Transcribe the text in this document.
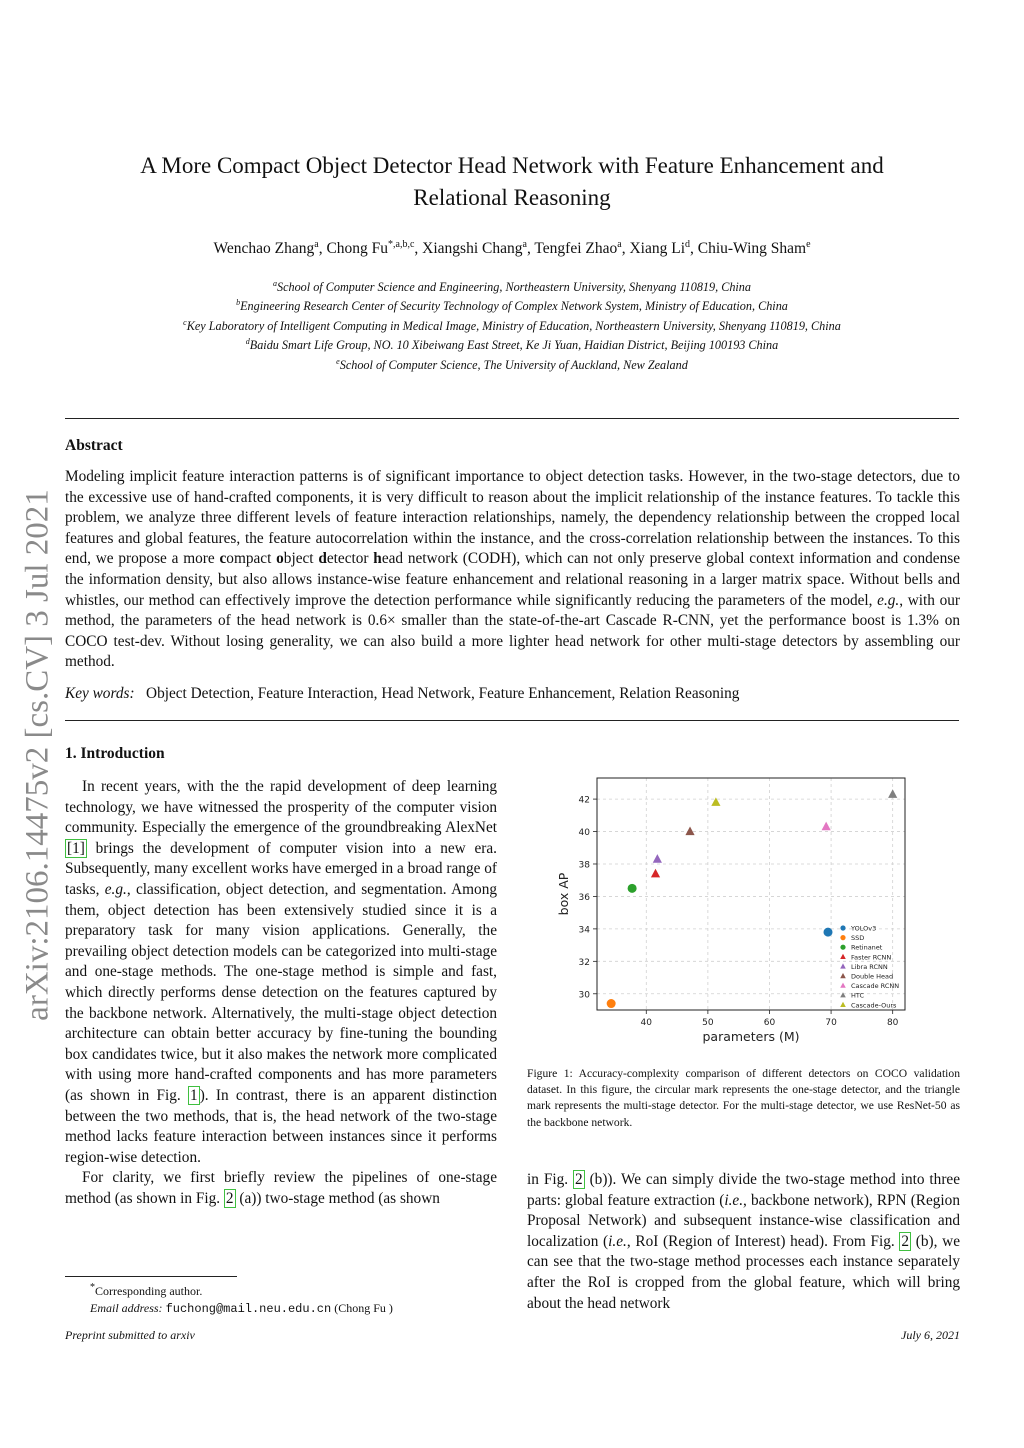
arXiv:2106.14475v2 [cs.CV] 3 Jul 2021
A More Compact Object Detector Head Network with Feature Enhancement and
Relational Reasoning
Wenchao Zhang$^a$, Chong $Fu^{*,a,b,c}$, Xiangshi Chang$^a$, Tengfei Zhao$^a$, Xiang Li$^d$, Chiu-Wing Sham$^e$
$^a$School of Computer Science and Engineering, Northeastern University, Shenyang 110819, China
$^b$Engineering Research Center of Security Technology of Complex Network System, Ministry of Education, China
$^c$Key Laboratory of Intelligent Computing in Medical Image, Ministry of Education, Northeastern University, Shenyang 110819, China
$^d$Baidu Smart Life Group, NO. 10 Xibeiwang East Street, Ke Ji Yuan, Haidian District, Beijing 100193 China
$^e$School of Computer Science, The University of Auckland, New Zealand
Abstract
Modeling implicit feature interaction patterns is of significant importance to object detection tasks. However, in the two-stage detectors, due to the excessive use of hand-crafted components, it is very difficult to reason about the implicit relationship of the instance features. To tackle this problem, we analyze three different levels of feature interaction relationships, namely, the dependency relationship between the cropped local features and global features, the feature autocorrelation within the instance, and the cross-correlation relationship between the instances. To this end, we propose a more compact object detector head network (CODH), which can not only preserve global context information and condense the information density, but also allows instance-wise feature enhancement and relational reasoning in a larger matrix space. Without bells and whistles, our method can effectively improve the detection performance while significantly reducing the parameters of the model, e.g., with our method, the parameters of the head network is 0.6× smaller than the state-of-the-art Cascade R-CNN, yet the performance boost is 1.3% on COCO test-dev. Without losing generality, we can also build a more lighter head network for other multi-stage detectors by assembling our method.
Key words: Object Detection, Feature Interaction, Head Network, Feature Enhancement, Relation Reasoning
1. Introduction

In recent years, with the the rapid development of deep learning technology, we have witnessed the prosperity of the computer vision community. Especially the emergence of the groundbreaking AlexNet [1] brings the development of computer vision into a new era. Subsequently, many excellent works have emerged in a broad range of tasks, e.g., classification, object detection, and segmentation. Among them, object detection has been extensively studied since it is a preparatory task for many vision applications. Generally, the prevailing object detection models can be categorized into multi-stage and one-stage methods. The one-stage method is simple and fast, which directly performs dense detection on the features captured by the backbone network. Alternatively, the multi-stage object detection architecture can obtain better accuracy by fine-tuning the bounding box candidates twice, but it also makes the network more complicated with using more hand-crafted components and has more parameters (as shown in Fig. 1 ). In contrast, there is an apparent distinction between the two methods, that is, the head network of the two-stage method lacks feature interaction between instances since it performs region-wise detection.

For clarity, we first briefly review the pipelines of one-stage method (as shown in Fig. 2 (a)) two-stage method (as shown

30
32
34
36
38
40
42
40	50	60	70	80
parameters (M)
box AP
YOLOv3
SSD
Retinanet
Faster RCNN
Libra RCNN
Double Head
Cascade RCNN
HTC
Cascade-Ours
Figure 1: Accuracy-complexity comparison of different detectors on COCO validation dataset. In this figure, the circular mark represents the one-stage detector, and the triangle mark represents the multi-stage detector. For the multi-stage detector, we use ResNet-50 as the backbone network.

in Fig. 2 (b)). We can simply divide the two-stage method into three parts: global feature extraction (i.e., backbone network), RPN (Region Proposal Network) and subsequent instance-wise classification and localization (i.e., RoI (Region of Interest) head). From Fig. 2 (b), we can see that the two-stage method processes each instance separately after the RoI is cropped from the global feature, which will bring about the head network

*Corresponding author.
Email address: fuchong@mail.neu.edu.cn (Chong Fu )
Preprint submitted to arxiv	July 6, 2021
